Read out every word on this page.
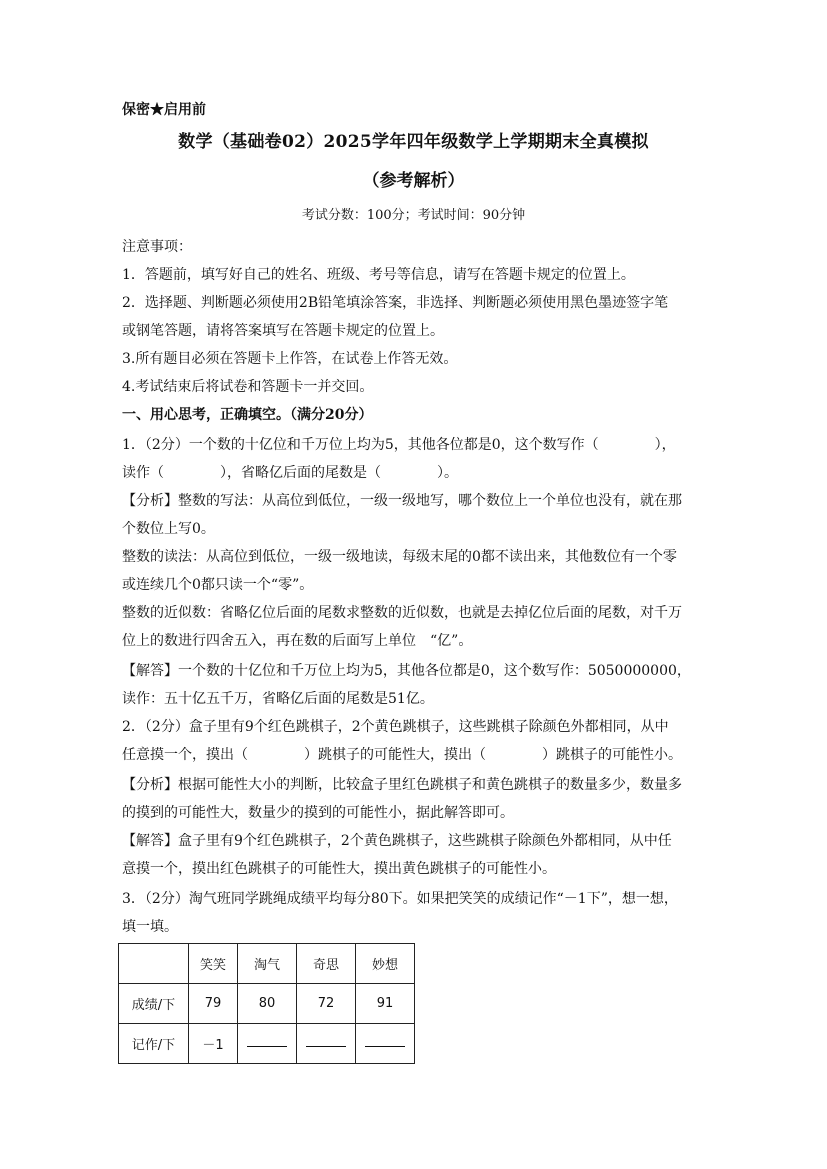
保密★启用前
数学（基础卷02）2025学年四年级数学上学期期末全真模拟
（参考解析）
考试分数：100分；考试时间：90分钟
注意事项：
1．答题前，填写好自己的姓名、班级、考号等信息，请写在答题卡规定的位置上。
2．选择题、判断题必须使用2B铅笔填涂答案，非选择、判断题必须使用黑色墨迹签字笔
或钢笔答题，请将答案填写在答题卡规定的位置上。
3.所有题目必须在答题卡上作答，在试卷上作答无效。
4.考试结束后将试卷和答题卡一并交回。
一、用心思考，正确填空。（满分20分）
1．（2分）一个数的十亿位和千万位上均为5，其他各位都是0，这个数写作（　　　　），
读作（　　　　），省略亿后面的尾数是（　　　　）。
【分析】整数的写法：从高位到低位，一级一级地写，哪个数位上一个单位也没有，就在那
个数位上写0。
整数的读法：从高位到低位，一级一级地读，每级末尾的0都不读出来，其他数位有一个零
或连续几个0都只读一个“零”。
整数的近似数：省略亿位后面的尾数求整数的近似数，也就是去掉亿位后面的尾数，对千万
位上的数进行四舍五入，再在数的后面写上单位　“亿”。
【解答】一个数的十亿位和千万位上均为5，其他各位都是0，这个数写作：5050000000，
读作：五十亿五千万，省略亿后面的尾数是51亿。
2．（2分）盒子里有9个红色跳棋子，2个黄色跳棋子，这些跳棋子除颜色外都相同，从中
任意摸一个，摸出（　　　　）跳棋子的可能性大，摸出（　　　　）跳棋子的可能性小。
【分析】根据可能性大小的判断，比较盒子里红色跳棋子和黄色跳棋子的数量多少，数量多
的摸到的可能性大，数量少的摸到的可能性小，据此解答即可。
【解答】盒子里有9个红色跳棋子，2个黄色跳棋子，这些跳棋子除颜色外都相同，从中任
意摸一个，摸出红色跳棋子的可能性大，摸出黄色跳棋子的可能性小。
3．（2分）淘气班同学跳绳成绩平均每分80下。如果把笑笑的成绩记作“－1下”，想一想，
填一填。
	笑笑	淘气	奇思	妙想
成绩/下	79	80	72	91
记作/下	－1			
